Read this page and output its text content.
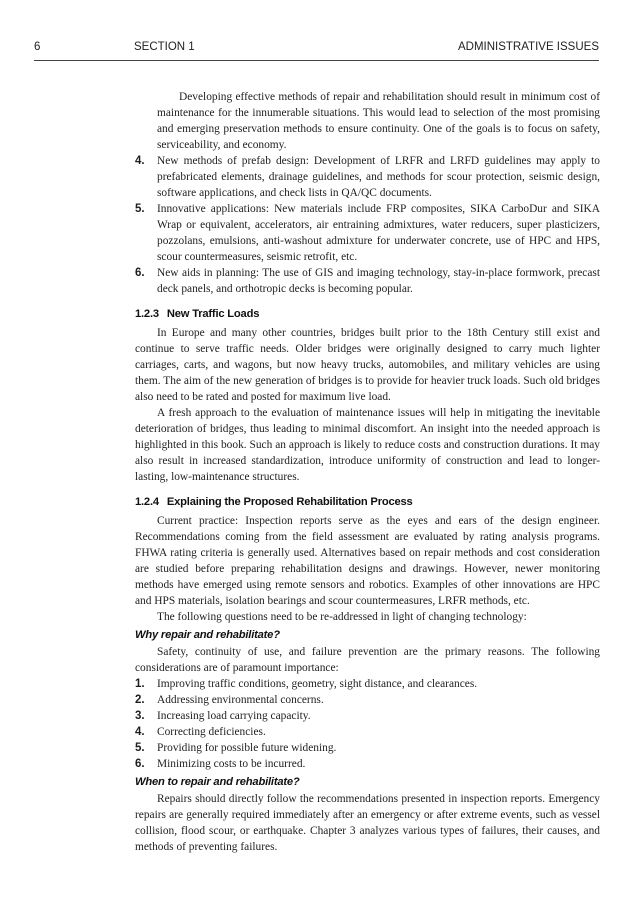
6	SECTION 1	ADMINISTRATIVE ISSUES

Developing effective methods of repair and rehabilitation should result in minimum cost of maintenance for the innumerable situations. This would lead to selection of the most promising and emerging preservation methods to ensure continuity. One of the goals is to focus on safety, serviceability, and economy.

4. New methods of prefab design: Development of LRFR and LRFD guidelines may apply to prefabricated elements, drainage guidelines, and methods for scour protection, seismic design, software applications, and check lists in QA/QC documents.
5. Innovative applications: New materials include FRP composites, SIKA CarboDur and SIKA Wrap or equivalent, accelerators, air entraining admixtures, water reducers, super plasticizers, pozzolans, emulsions, anti-washout admixture for underwater concrete, use of HPC and HPS, scour countermeasures, seismic retrofit, etc.
6. New aids in planning: The use of GIS and imaging technology, stay-in-place formwork, precast deck panels, and orthotropic decks is becoming popular.
1.2.3 New Traffic Loads

In Europe and many other countries, bridges built prior to the 18th Century still exist and continue to serve traffic needs. Older bridges were originally designed to carry much lighter carriages, carts, and wagons, but now heavy trucks, automobiles, and military vehicles are using them. The aim of the new generation of bridges is to provide for heavier truck loads. Such old bridges also need to be rated and posted for maximum live load.

A fresh approach to the evaluation of maintenance issues will help in mitigating the inevitable deterioration of bridges, thus leading to minimal discomfort. An insight into the needed approach is highlighted in this book. Such an approach is likely to reduce costs and construction durations. It may also result in increased standardization, introduce uniformity of construction and lead to longer-lasting, low-maintenance structures.

1.2.4 Explaining the Proposed Rehabilitation Process

Current practice: Inspection reports serve as the eyes and ears of the design engineer. Recommendations coming from the field assessment are evaluated by rating analysis programs. FHWA rating criteria is generally used. Alternatives based on repair methods and cost consideration are studied before preparing rehabilitation designs and drawings. However, newer monitoring methods have emerged using remote sensors and robotics. Examples of other innovations are HPC and HPS materials, isolation bearings and scour countermeasures, LRFR methods, etc.

The following questions need to be re-addressed in light of changing technology:

Why repair and rehabilitate?

Safety, continuity of use, and failure prevention are the primary reasons. The following considerations are of paramount importance:

1. Improving traffic conditions, geometry, sight distance, and clearances.
2. Addressing environmental concerns.
3. Increasing load carrying capacity.
4. Correcting deficiencies.
5. Providing for possible future widening.
6. Minimizing costs to be incurred.
When to repair and rehabilitate?

Repairs should directly follow the recommendations presented in inspection reports. Emergency repairs are generally required immediately after an emergency or after extreme events, such as vessel collision, flood scour, or earthquake. Chapter 3 analyzes various types of failures, their causes, and methods of preventing failures.
